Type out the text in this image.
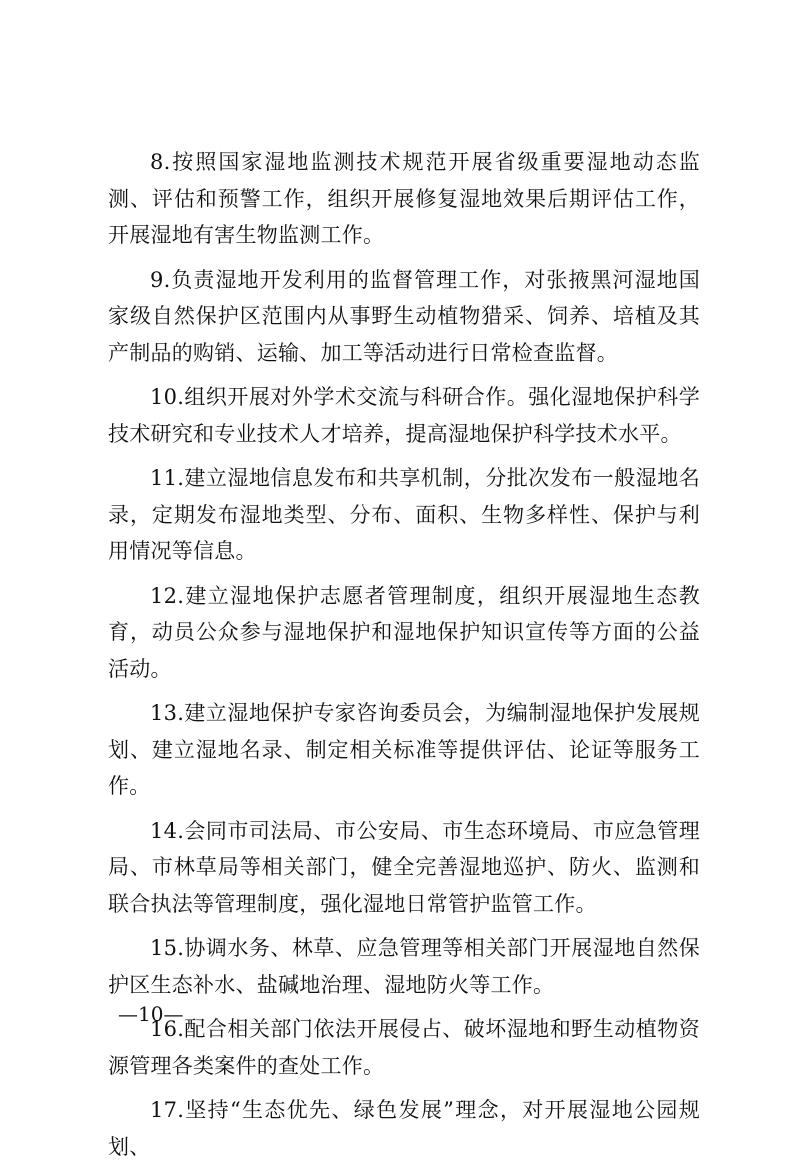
8.按照国家湿地监测技术规范开展省级重要湿地动态监测、评估和预警工作，组织开展修复湿地效果后期评估工作，开展湿地有害生物监测工作。

9.负责湿地开发利用的监督管理工作，对张掖黑河湿地国家级自然保护区范围内从事野生动植物猎采、饲养、培植及其产制品的购销、运输、加工等活动进行日常检查监督。

10.组织开展对外学术交流与科研合作。强化湿地保护科学技术研究和专业技术人才培养，提高湿地保护科学技术水平。

11.建立湿地信息发布和共享机制，分批次发布一般湿地名录，定期发布湿地类型、分布、面积、生物多样性、保护与利用情况等信息。

12.建立湿地保护志愿者管理制度，组织开展湿地生态教育，动员公众参与湿地保护和湿地保护知识宣传等方面的公益活动。

13.建立湿地保护专家咨询委员会，为编制湿地保护发展规划、建立湿地名录、制定相关标准等提供评估、论证等服务工作。

14.会同市司法局、市公安局、市生态环境局、市应急管理局、市林草局等相关部门，健全完善湿地巡护、防火、监测和联合执法等管理制度，强化湿地日常管护监管工作。

15.协调水务、林草、应急管理等相关部门开展湿地自然保护区生态补水、盐碱地治理、湿地防火等工作。

16.配合相关部门依法开展侵占、破坏湿地和野生动植物资源管理各类案件的查处工作。

17.坚持“生态优先、绿色发展”理念，对开展湿地公园规划、

—10—
